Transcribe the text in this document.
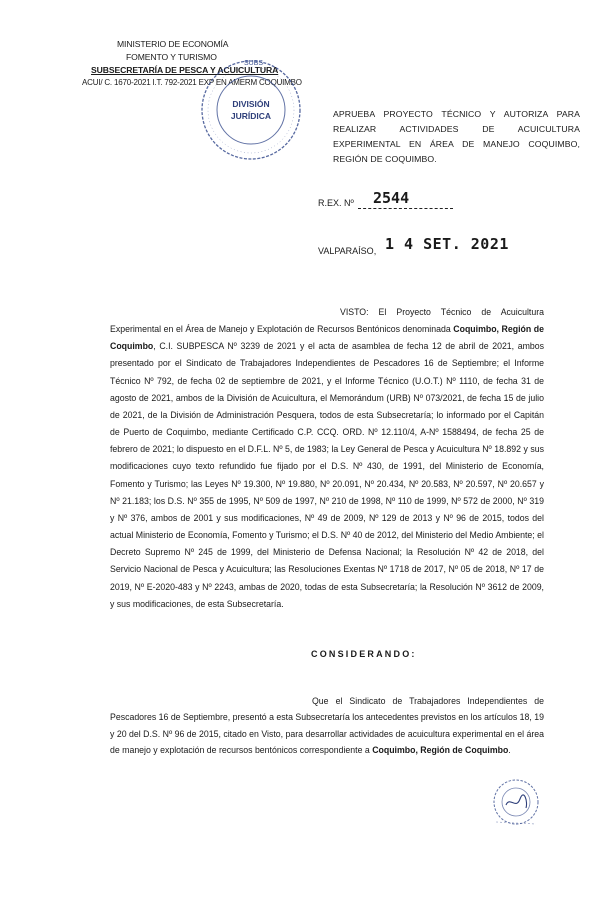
MINISTERIO DE ECONOMÍA
FOMENTO Y TURISMO
SUBSECRETARÍA DE PESCA Y ACUICULTURA
ACUI/ C. 1670-2021 I.T. 792-2021 EXP EN AMERM COQUIMBO
SUBS
DIVISIÓN
JURÍDICA	APRUEBA PROYECTO TÉCNICO Y AUTORIZA PARA REALIZAR ACTIVIDADES DE ACUICULTURA EXPERIMENTAL EN ÁREA DE MANEJO COQUIMBO, REGIÓN DE COQUIMBO.
R.EX. Nº 2544
VALPARAÍSO, 1 4 SET. 2021
VISTO: El Proyecto Técnico de Acuicultura Experimental en el Área de Manejo y Explotación de Recursos Bentónicos denominada Coquimbo, Región de Coquimbo, C.I. SUBPESCA Nº 3239 de 2021 y el acta de asamblea de fecha 12 de abril de 2021, ambos presentado por el Sindicato de Trabajadores Independientes de Pescadores 16 de Septiembre; el Informe Técnico Nº 792, de fecha 02 de septiembre de 2021, y el Informe Técnico (U.O.T.) Nº 1110, de fecha 31 de agosto de 2021, ambos de la División de Acuicultura, el Memorándum (URB) Nº 073/2021, de fecha 15 de julio de 2021, de la División de Administración Pesquera, todos de esta Subsecretaría; lo informado por el Capitán de Puerto de Coquimbo, mediante Certificado C.P. CCQ. ORD. Nº 12.110/4, A-Nº 1588494, de fecha 25 de febrero de 2021; lo dispuesto en el D.F.L. Nº 5, de 1983; la Ley General de Pesca y Acuicultura Nº 18.892 y sus modificaciones cuyo texto refundido fue fijado por el D.S. Nº 430, de 1991, del Ministerio de Economía, Fomento y Turismo; las Leyes Nº 19.300, Nº 19.880, Nº 20.091, Nº 20.434, Nº 20.583, Nº 20.597, Nº 20.657 y Nº 21.183; los D.S. Nº 355 de 1995, Nº 509 de 1997, Nº 210 de 1998, Nº 110 de 1999, Nº 572 de 2000, Nº 319 y Nº 376, ambos de 2001 y sus modificaciones, Nº 49 de 2009, Nº 129 de 2013 y Nº 96 de 2015, todos del actual Ministerio de Economía, Fomento y Turismo; el D.S. Nº 40 de 2012, del Ministerio del Medio Ambiente; el Decreto Supremo Nº 245 de 1999, del Ministerio de Defensa Nacional; la Resolución Nº 42 de 2018, del Servicio Nacional de Pesca y Acuicultura; las Resoluciones Exentas Nº 1718 de 2017, Nº 05 de 2018, Nº 17 de 2019, Nº E-2020-483 y Nº 2243, ambas de 2020, todas de esta Subsecretaría; la Resolución Nº 3612 de 2009, y sus modificaciones, de esta Subsecretaría.
CONSIDERANDO:
Que el Sindicato de Trabajadores Independientes de Pescadores 16 de Septiembre, presentó a esta Subsecretaría los antecedentes previstos en los artículos 18, 19 y 20 del D.S. Nº 96 de 2015, citado en Visto, para desarrollar actividades de acuicultura experimental en el área de manejo y explotación de recursos bentónicos correspondiente a Coquimbo, Región de Coquimbo.
